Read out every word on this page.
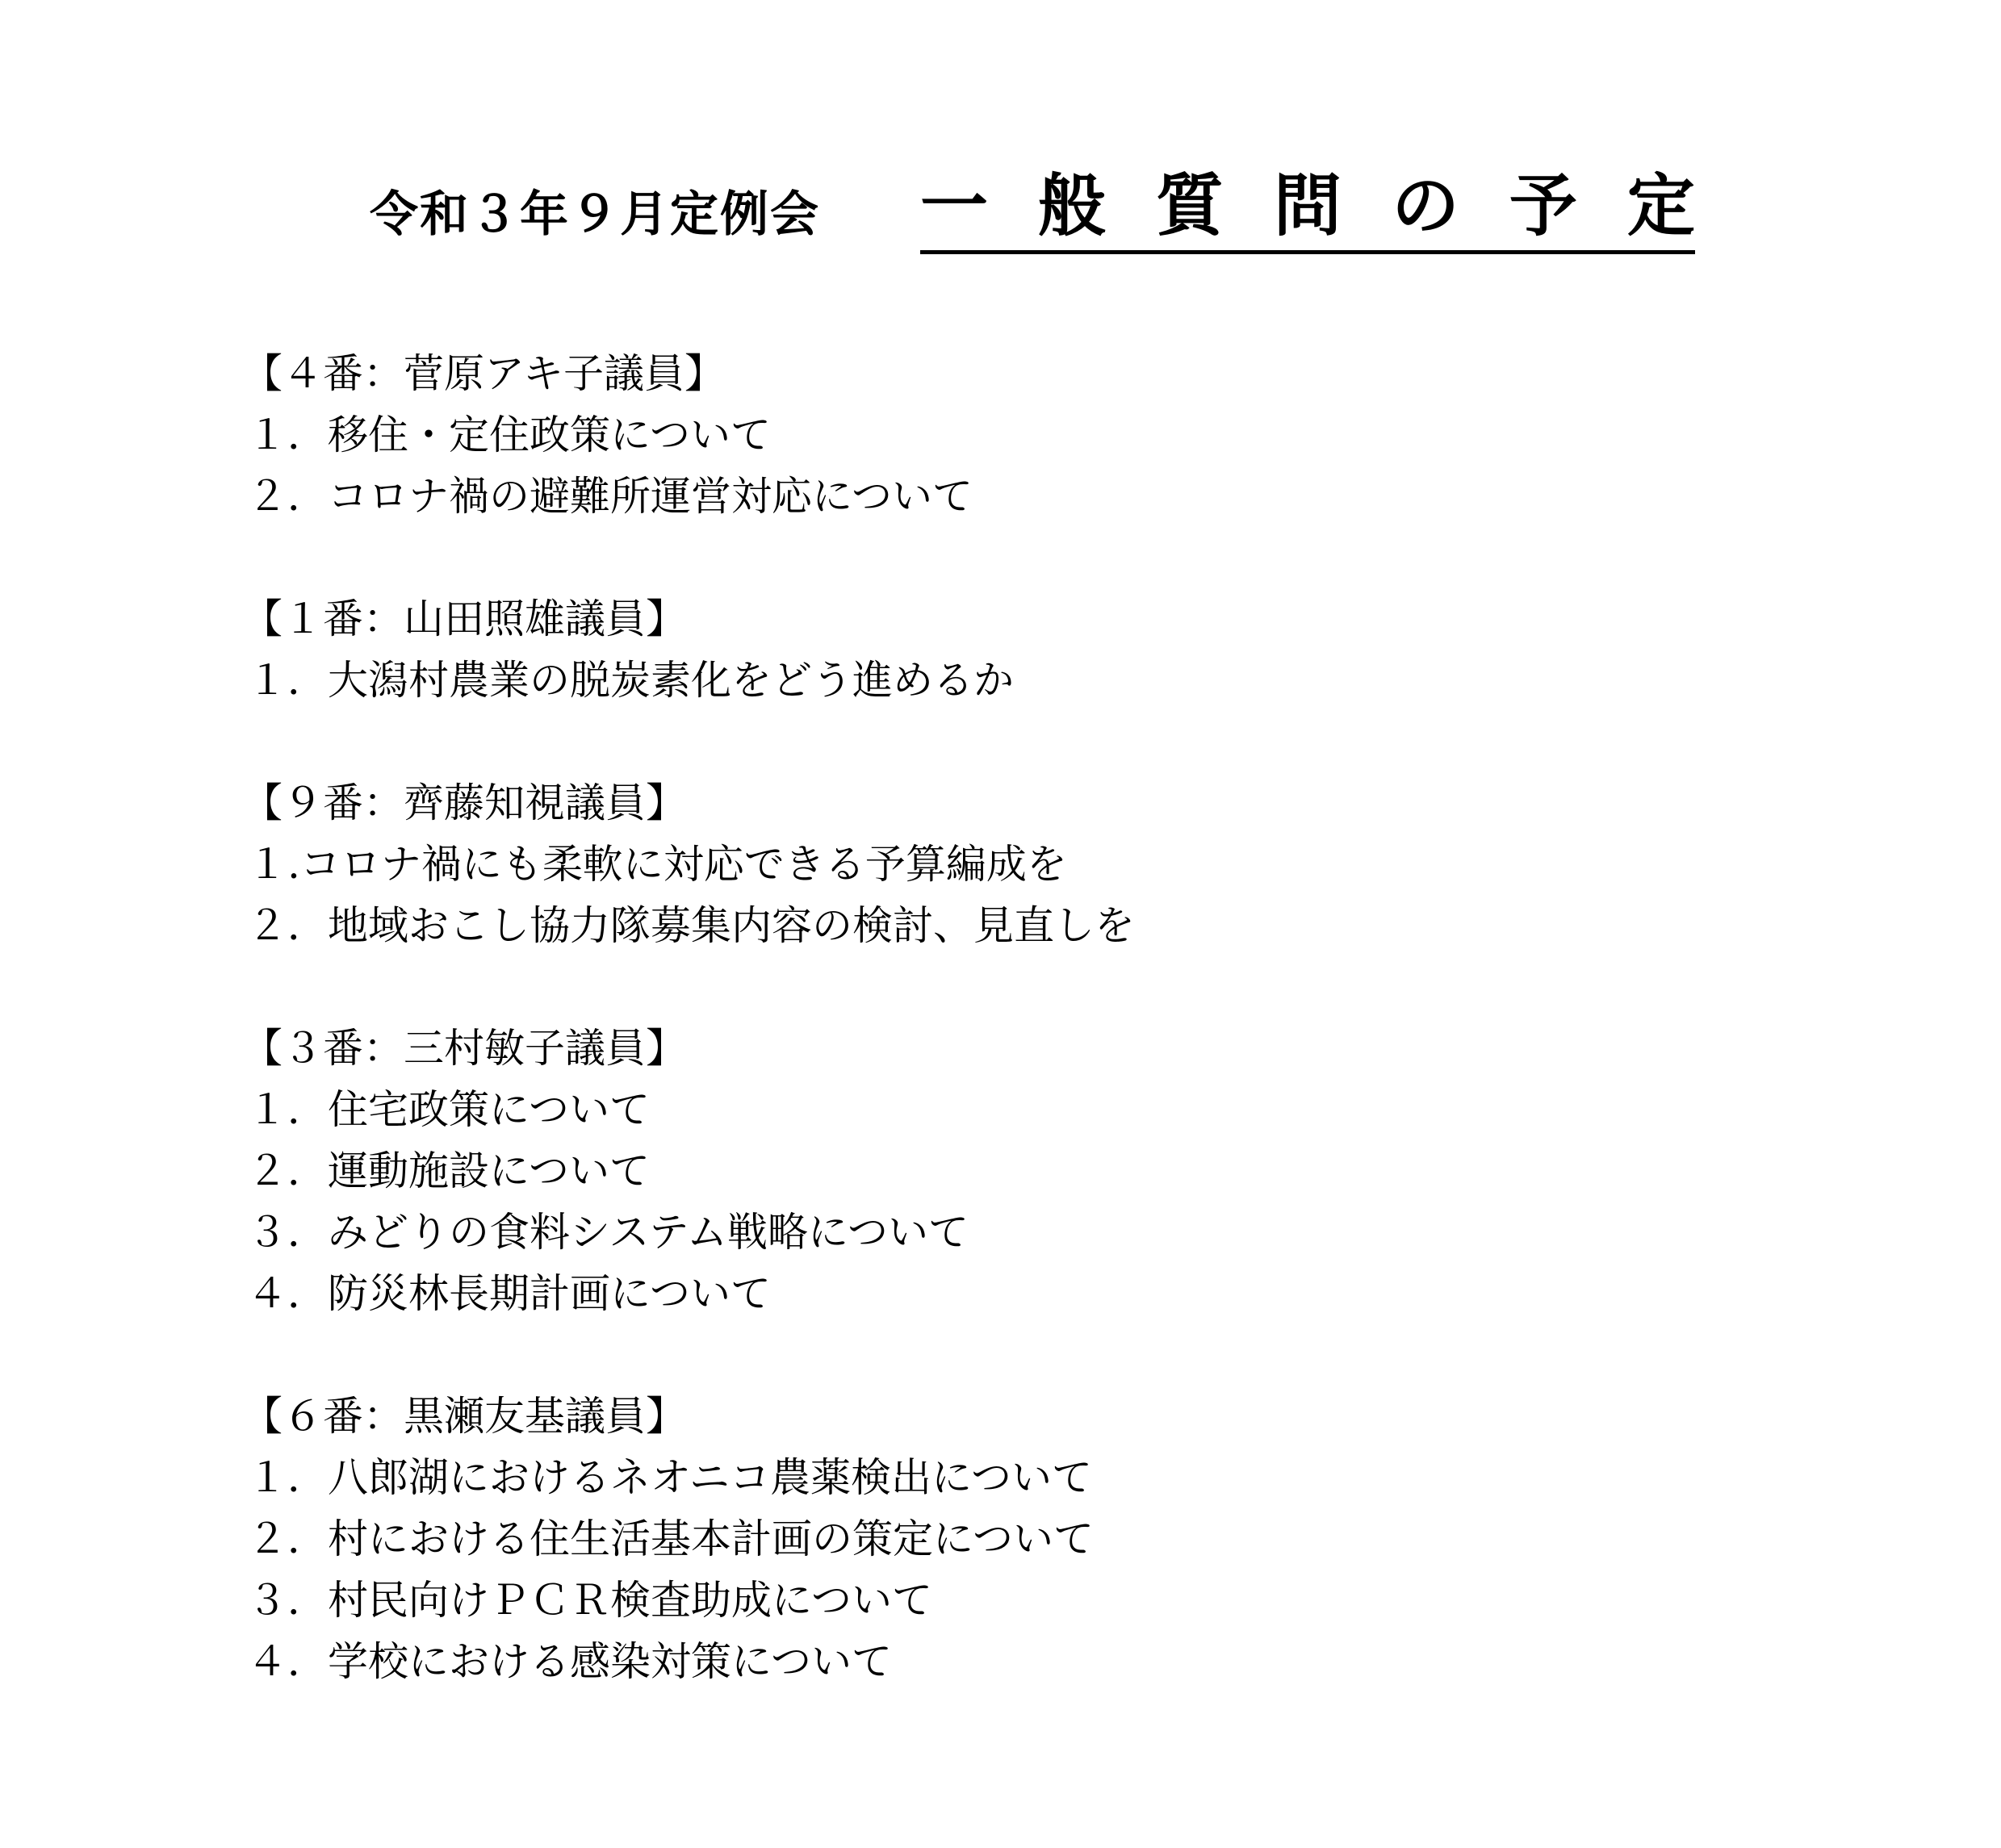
令和３年９月定例会 一 般 質 問 の 予 定
【４番：菅原アキ子議員】
１．移住・定住政策について
２．コロナ禍の避難所運営対応について
【１番：山田照雄議員】
１．大潟村農業の脱炭素化をどう進めるか
【９番：齊藤知視議員】
１.コロナ禍にも柔軟に対応できる予算編成を
２．地域おこし協力隊募集内容の検討、見直しを
【３番：三村敏子議員】
１．住宅政策について
２．運動施設について
３．みどりの食料システム戦略について
４．防災林長期計画について
【６番：黒瀬友基議員】
１．八郎湖におけるネオニコ農薬検出について
２．村における住生活基本計画の策定について
３．村民向けＰＣＲ検査助成について
４．学校における感染対策について
